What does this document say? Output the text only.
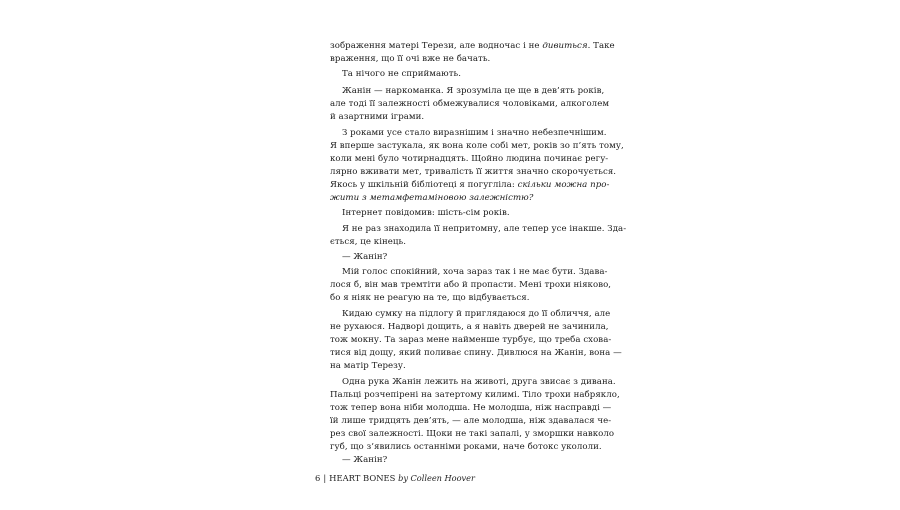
зображення матері Терези, але водночас і не дивиться. Таке
враження, що її очі вже не бачать.
Та нічого не сприймають.
Жанін — наркоманка. Я зрозуміла це ще в дев’ять років,
але тоді її залежності обмежувалися чоловіками, алкоголем
й азартними іграми.
З роками усе стало виразнішим і значно небезпечнішим.
Я вперше застукала, як вона коле собі мет, років зо п’ять тому,
коли мені було чотирнадцять. Щойно людина починає регу-
лярно вживати мет, тривалість її життя значно скорочується.
Якось у шкільній бібліотеці я погугліла: скільки можна про-
жити з метамфетаміновою залежністю?
Інтернет повідомив: шість-сім років.
Я не раз знаходила її непритомну, але тепер усе інакше. Зда-
ється, це кінець.
— Жанін?
Мій голос спокійний, хоча зараз так і не має бути. Здава-
лося б, він мав тремтіти або й пропасти. Мені трохи ніяково,
бо я ніяк не реагую на те, що відбувається.
Кидаю сумку на підлогу й приглядаюся до її обличчя, але
не рухаюся. Надворі дощить, а я навіть дверей не зачинила,
тож мокну. Та зараз мене найменше турбує, що треба схова-
тися від дощу, який поливає спину. Дивлюся на Жанін, вона —
на матір Терезу.
Одна рука Жанін лежить на животі, друга звисає з дивана.
Пальці розчепірені на затертому килимі. Тіло трохи набрякло,
тож тепер вона ніби молодша. Не молодша, ніж насправді —
їй лише тридцять дев’ять, — але молодша, ніж здавалася че-
рез свої залежності. Щоки не такі запалі, у зморшки навколо
губ, що з’явились останніми роками, наче ботокс укололи.
— Жанін?
6 | HEART BONES by Colleen Hoover
